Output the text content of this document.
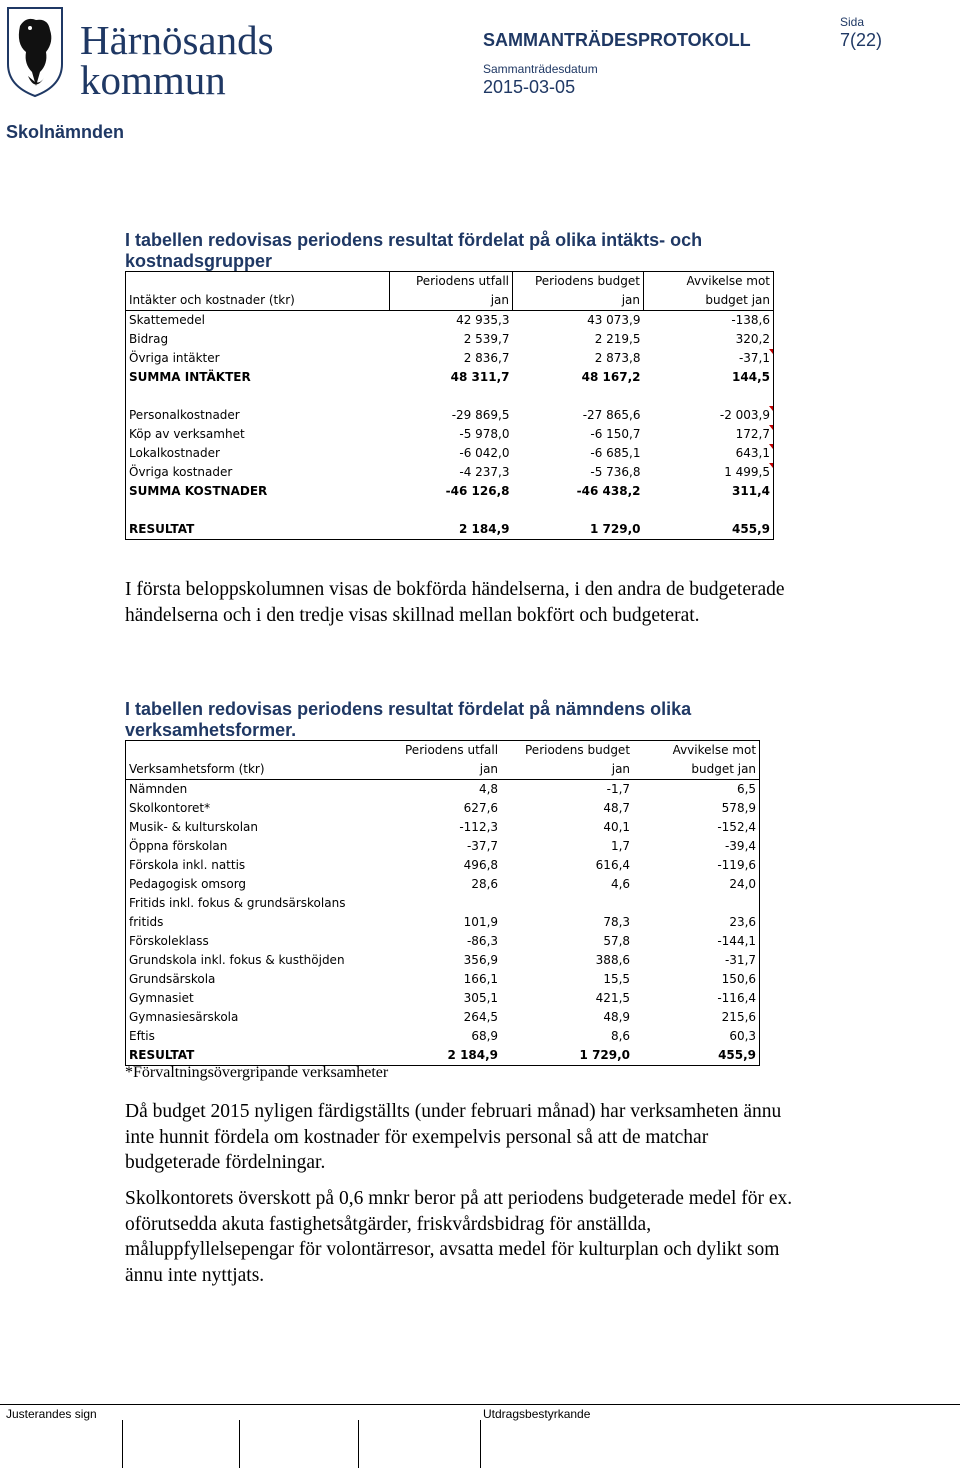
Härnösands
kommun
SAMMANTRÄDESPROTOKOLL
Sida
7(22)
Sammanträdesdatum
2015-03-05
Skolnämnden
I tabellen redovisas periodens resultat fördelat på olika intäkts- och kostnadsgrupper
	Periodens utfall	Periodens budget	Avvikelse mot
Intäkter och kostnader (tkr)	jan	jan	budget jan
Skattemedel	42 935,3	43 073,9	-138,6
Bidrag	2 539,7	2 219,5	320,2
Övriga intäkter	2 836,7	2 873,8	-37,1
SUMMA INTÄKTER	48 311,7	48 167,2	144,5

Personalkostnader	-29 869,5	-27 865,6	-2 003,9
Köp av verksamhet	-5 978,0	-6 150,7	172,7
Lokalkostnader	-6 042,0	-6 685,1	643,1
Övriga kostnader	-4 237,3	-5 736,8	1 499,5
SUMMA KOSTNADER	-46 126,8	-46 438,2	311,4

RESULTAT	2 184,9	1 729,0	455,9
I första beloppskolumnen visas de bokförda händelserna, i den andra de budgeterade händelserna och i den tredje visas skillnad mellan bokfört och budgeterat.
I tabellen redovisas periodens resultat fördelat på nämndens olika verksamhetsformer.
	Periodens utfall	Periodens budget	Avvikelse mot
Verksamhetsform (tkr)	jan	jan	budget jan
Nämnden	4,8	-1,7	6,5
Skolkontoret*	627,6	48,7	578,9
Musik- & kulturskolan	-112,3	40,1	-152,4
Öppna förskolan	-37,7	1,7	-39,4
Förskola inkl. nattis	496,8	616,4	-119,6
Pedagogisk omsorg	28,6	4,6	24,0
Fritids inkl. fokus & grundsärskolans			
fritids	101,9	78,3	23,6
Förskoleklass	-86,3	57,8	-144,1
Grundskola inkl. fokus & kusthöjden	356,9	388,6	-31,7
Grundsärskola	166,1	15,5	150,6
Gymnasiet	305,1	421,5	-116,4
Gymnasiesärskola	264,5	48,9	215,6
Eftis	68,9	8,6	60,3
RESULTAT	2 184,9	1 729,0	455,9
*Förvaltningsövergripande verksamheter
Då budget 2015 nyligen färdigställts (under februari månad) har verksamheten ännu inte hunnit fördela om kostnader för exempelvis personal så att de matchar budgeterade fördelningar.
Skolkontorets överskott på 0,6 mnkr beror på att periodens budgeterade medel för ex. oförutsedda akuta fastighetsåtgärder, friskvårdsbidrag för anställda, måluppfyllelsepengar för volontärresor, avsatta medel för kulturplan och dylikt som ännu inte nyttjats.
Justerandes sign	Utdragsbestyrkande
